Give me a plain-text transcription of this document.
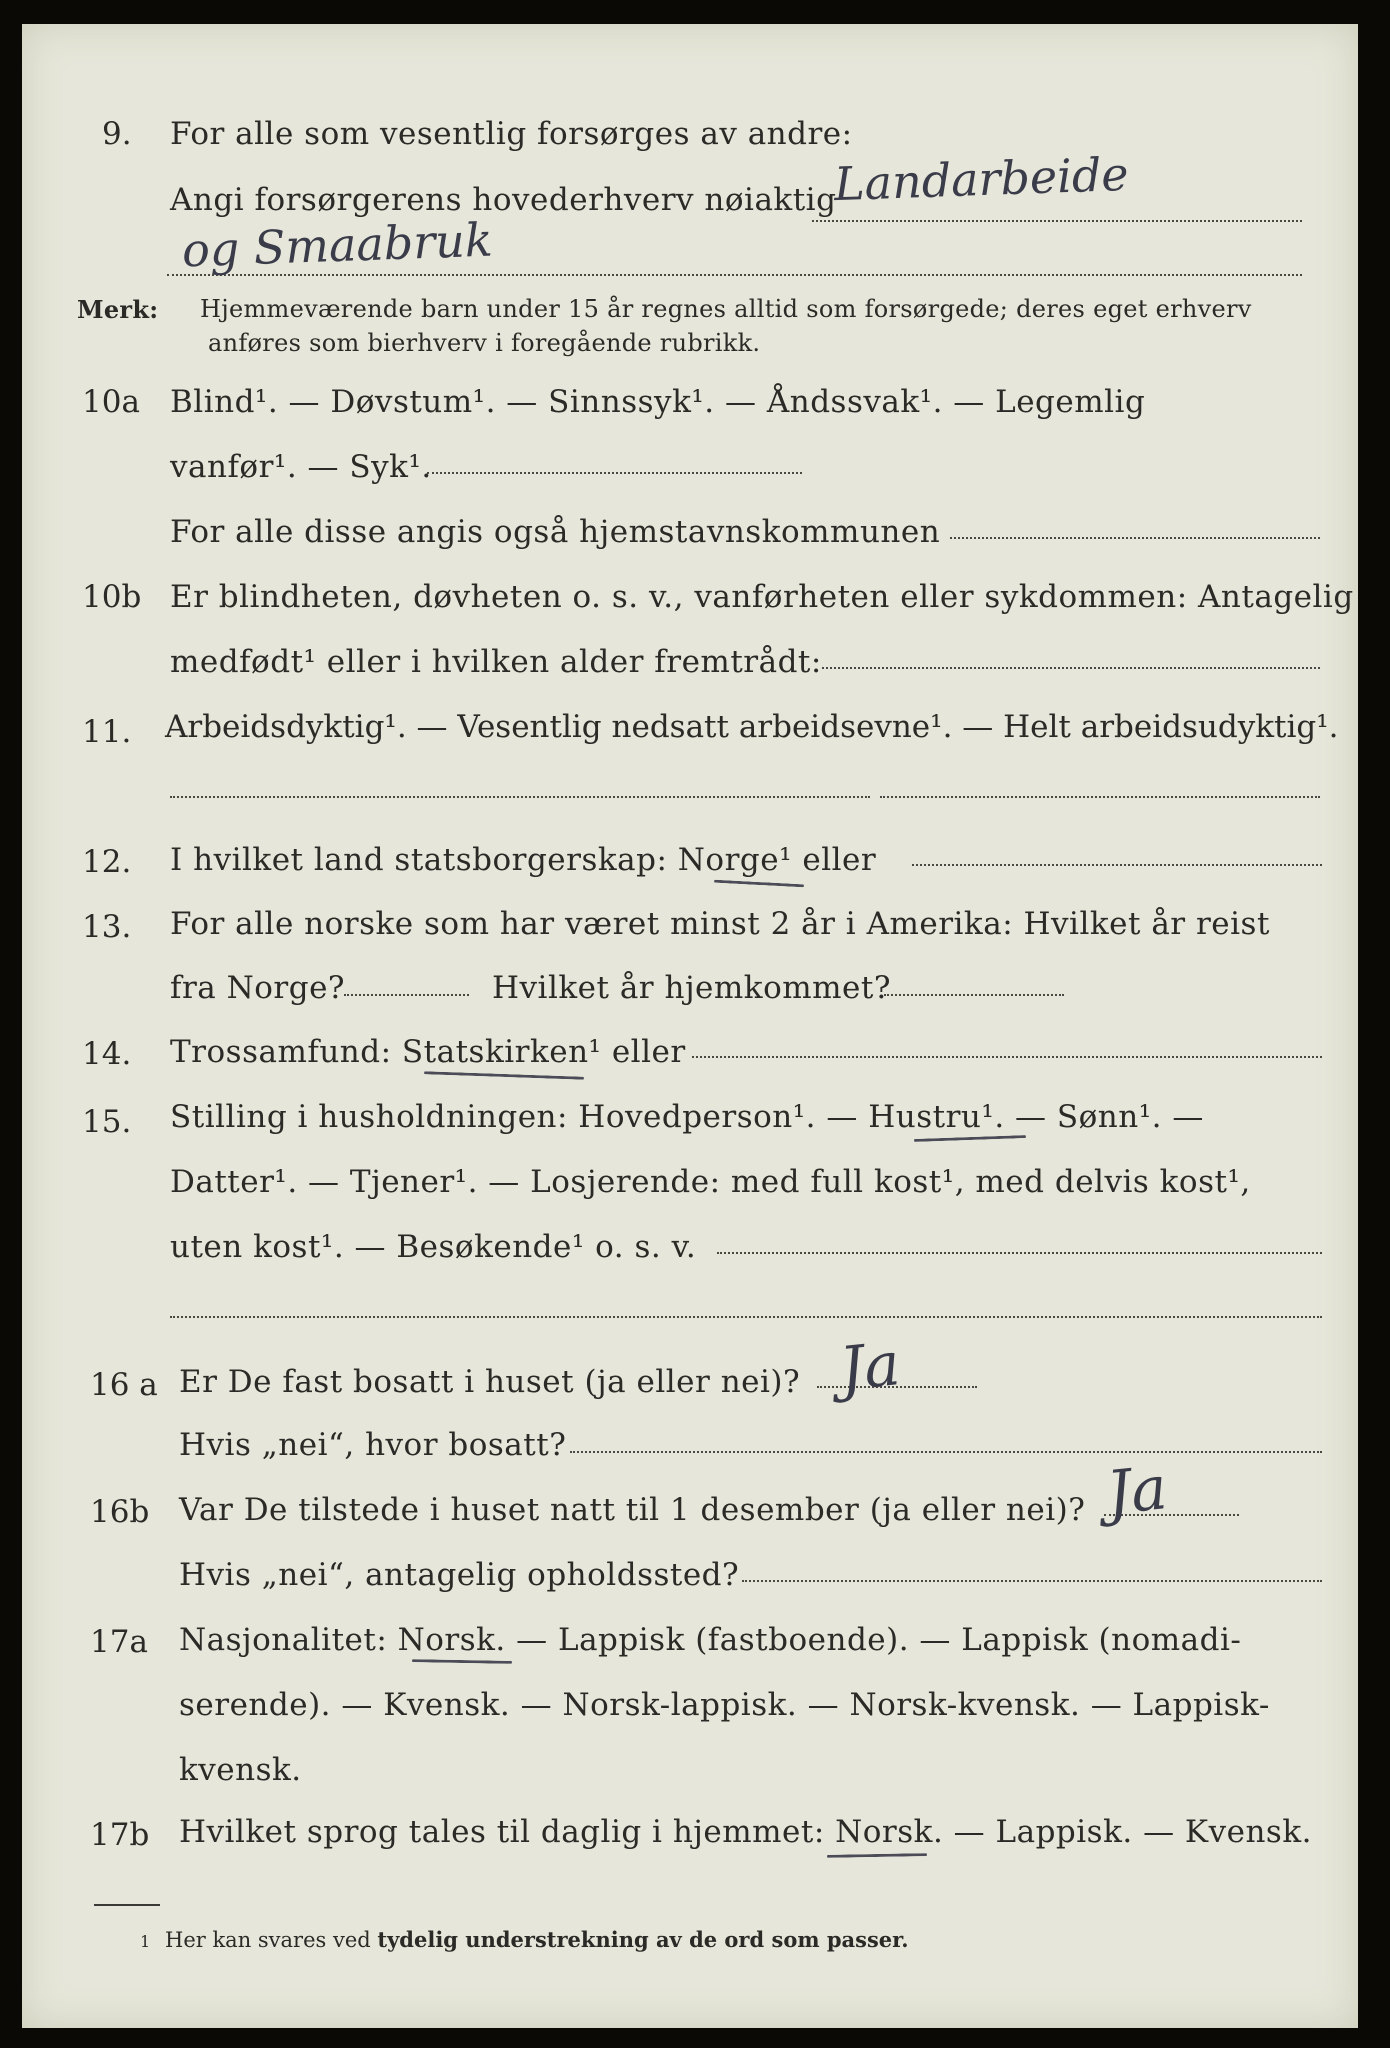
9. For alle som vesentlig forsørges av andre:
Angi forsørgerens hovederhverv nøiaktig
Landarbeide
og Smaabruk
Merk: Hjemmeværende barn under 15 år regnes alltid som forsørgede; deres eget erhverv
anføres som bierhverv i foregående rubrikk.
10a Blind¹. — Døvstum¹. — Sinnssyk¹. — Åndssvak¹. — Legemlig
vanfør¹. — Syk¹.
For alle disse angis også hjemstavnskommunen
10b Er blindheten, døvheten o. s. v., vanførheten eller sykdommen: Antagelig
medfødt¹ eller i hvilken alder fremtrådt:
11. Arbeidsdyktig¹. — Vesentlig nedsatt arbeidsevne¹. — Helt arbeidsudyktig¹.
12. I hvilket land statsborgerskap: Norge¹ eller
13. For alle norske som har været minst 2 år i Amerika: Hvilket år reist
fra Norge?	Hvilket år hjemkommet?
14. Trossamfund: Statskirken¹ eller
15. Stilling i husholdningen: Hovedperson¹. — Hustru¹. — Sønn¹. —
Datter¹. — Tjener¹. — Losjerende: med full kost¹, med delvis kost¹,
uten kost¹. — Besøkende¹ o. s. v.
16 a Er De fast bosatt i huset (ja eller nei)? Ja
Hvis „nei“, hvor bosatt?
16b Var De tilstede i huset natt til 1 desember (ja eller nei)? Ja
Hvis „nei“, antagelig opholdssted?
17a Nasjonalitet: Norsk. — Lappisk (fastboende). — Lappisk (nomadi-
serende). — Kvensk. — Norsk-lappisk. — Norsk-kvensk. — Lappisk-
kvensk.
17b Hvilket sprog tales til daglig i hjemmet: Norsk. — Lappisk. — Kvensk.
1 Her kan svares ved tydelig understrekning av de ord som passer.
